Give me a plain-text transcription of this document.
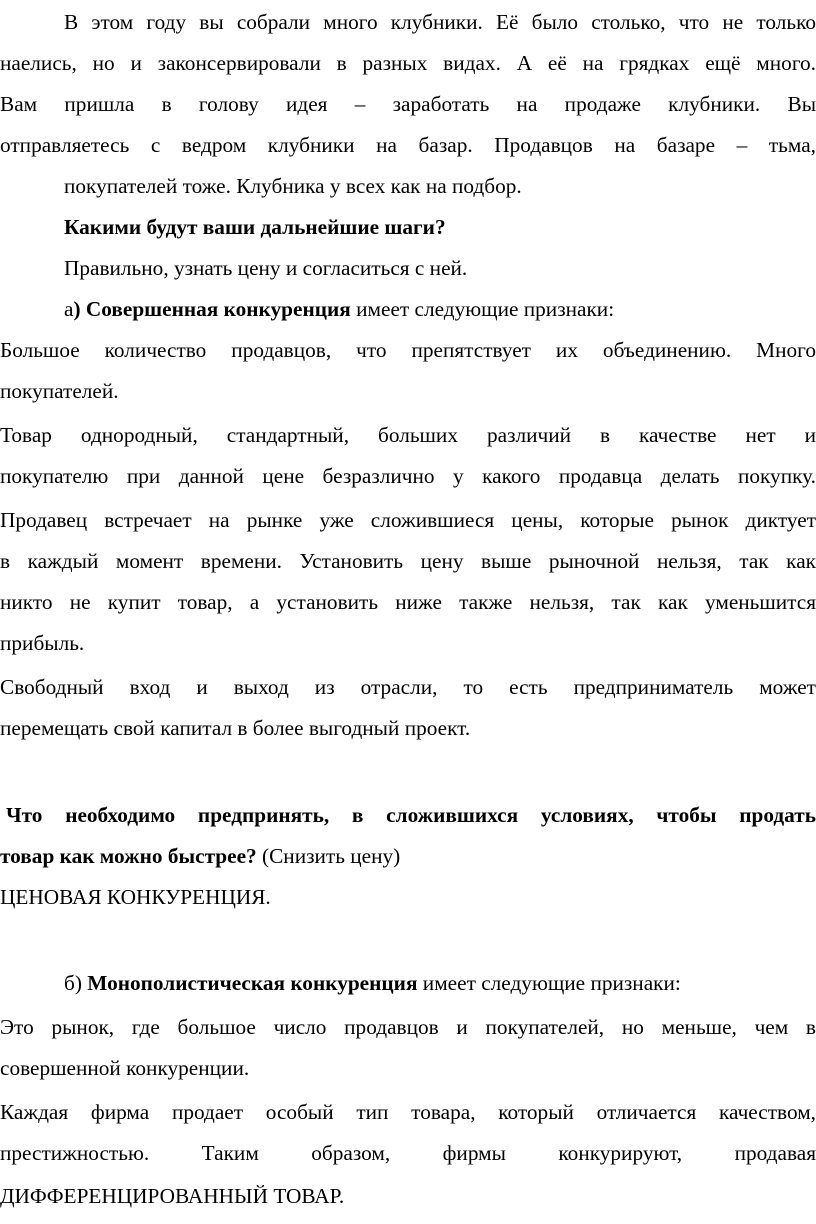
В этом году вы собрали много клубники. Её было столько, что не только
наелись, но и законсервировали в разных видах. А её на грядках ещё много.
Вам пришла в голову идея – заработать на продаже клубники. Вы
отправляетесь с ведром клубники на базар. Продавцов на базаре – тьма,
покупателей тоже. Клубника у всех как на подбор.
Какими будут ваши дальнейшие шаги?
Правильно, узнать цену и согласиться с ней.
а) Совершенная конкуренция имеет следующие признаки:
Большое количество продавцов, что препятствует их объединению. Много
покупателей.
Товар однородный, стандартный, больших различий в качестве нет и
покупателю при данной цене безразлично у какого продавца делать покупку.
Продавец встречает на рынке уже сложившиеся цены, которые рынок диктует
в каждый момент времени. Установить цену выше рыночной нельзя, так как
никто не купит товар, а установить ниже также нельзя, так как уменьшится
прибыль.
Свободный вход и выход из отрасли, то есть предприниматель может
перемещать свой капитал в более выгодный проект.
Что необходимо предпринять, в сложившихся условиях, чтобы продать
товар как можно быстрее? (Снизить цену)
ЦЕНОВАЯ КОНКУРЕНЦИЯ.
б) Монополистическая конкуренция имеет следующие признаки:
Это рынок, где большое число продавцов и покупателей, но меньше, чем в
совершенной конкуренции.
Каждая фирма продает особый тип товара, который отличается качеством,
престижностью. Таким образом, фирмы конкурируют, продавая
ДИФФЕРЕНЦИРОВАННЫЙ ТОВАР.
